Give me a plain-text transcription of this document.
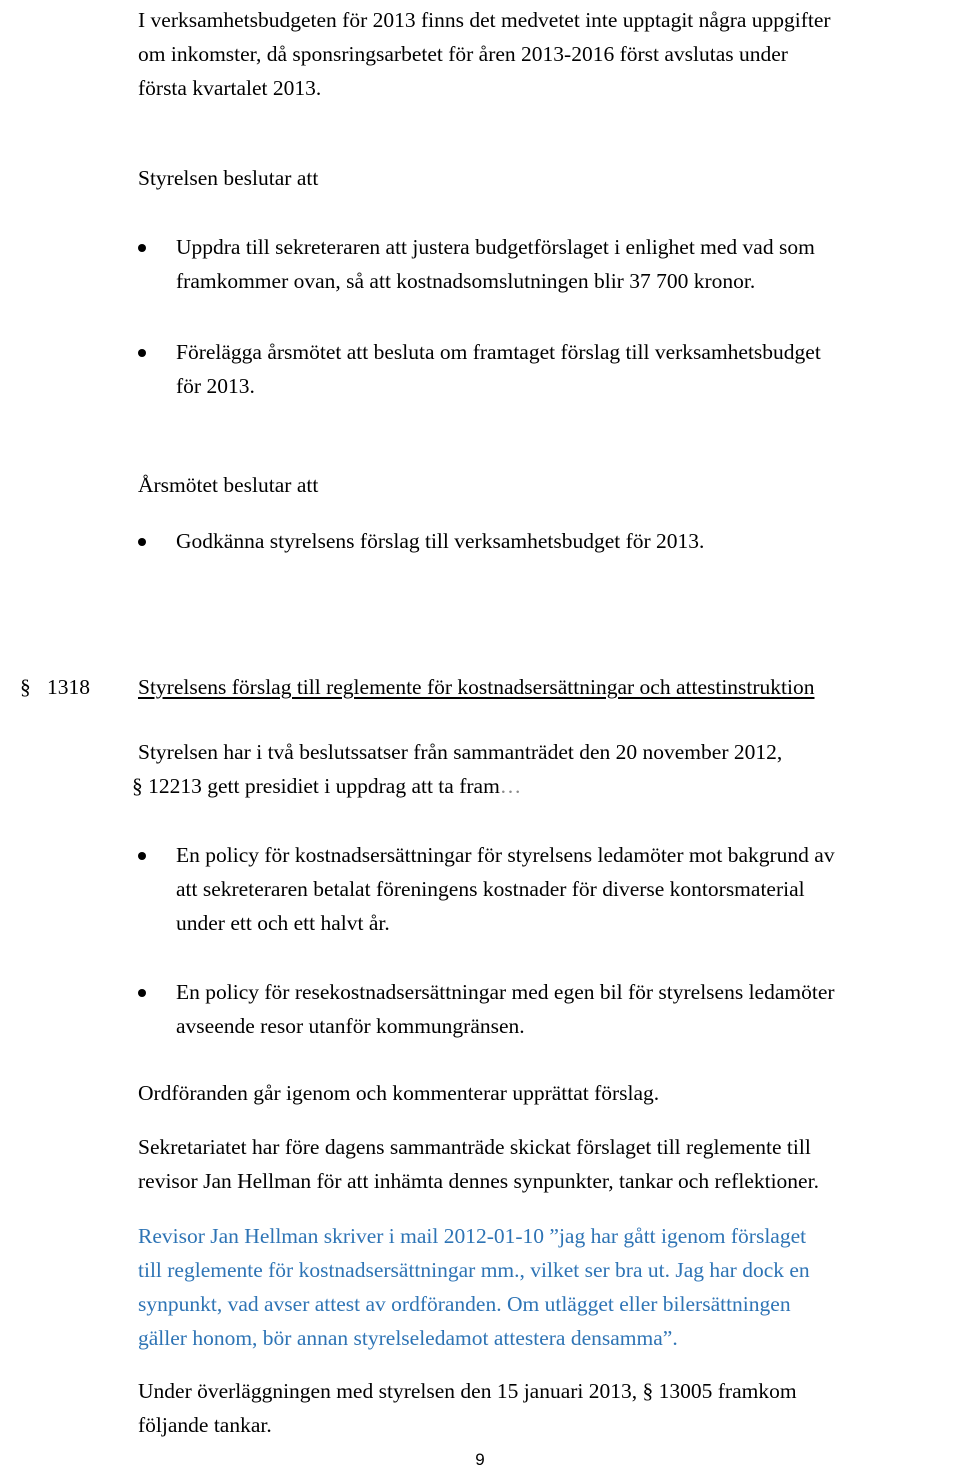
I verksamhetsbudgeten för 2013 finns det medvetet inte upptagit några uppgifter
om inkomster, då sponsringsarbetet för åren 2013-2016 först avslutas under
första kvartalet 2013.
Styrelsen beslutar att
Uppdra till sekreteraren att justera budgetförslaget i enlighet med vad som
framkommer ovan, så att kostnadsomslutningen blir 37 700 kronor.
Förelägga årsmötet att besluta om framtaget förslag till verksamhetsbudget
för 2013.
Årsmötet beslutar att
Godkänna styrelsens förslag till verksamhetsbudget för 2013.
§ 1318 Styrelsens förslag till reglemente för kostnadsersättningar och attestinstruktion
Styrelsen har i två beslutssatser från sammanträdet den 20 november 2012,
§ 12213 gett presidiet i uppdrag att ta fram…
En policy för kostnadsersättningar för styrelsens ledamöter mot bakgrund av
att sekreteraren betalat föreningens kostnader för diverse kontorsmaterial
under ett och ett halvt år.
En policy för resekostnadsersättningar med egen bil för styrelsens ledamöter
avseende resor utanför kommungränsen.
Ordföranden går igenom och kommenterar upprättat förslag.
Sekretariatet har före dagens sammanträde skickat förslaget till reglemente till
revisor Jan Hellman för att inhämta dennes synpunkter, tankar och reflektioner.
Revisor Jan Hellman skriver i mail 2012-01-10 ”jag har gått igenom förslaget
till reglemente för kostnadsersättningar mm., vilket ser bra ut. Jag har dock en
synpunkt, vad avser attest av ordföranden. Om utlägget eller bilersättningen
gäller honom, bör annan styrelseledamot attestera densamma”.
Under överläggningen med styrelsen den 15 januari 2013, § 13005 framkom
följande tankar.
9
